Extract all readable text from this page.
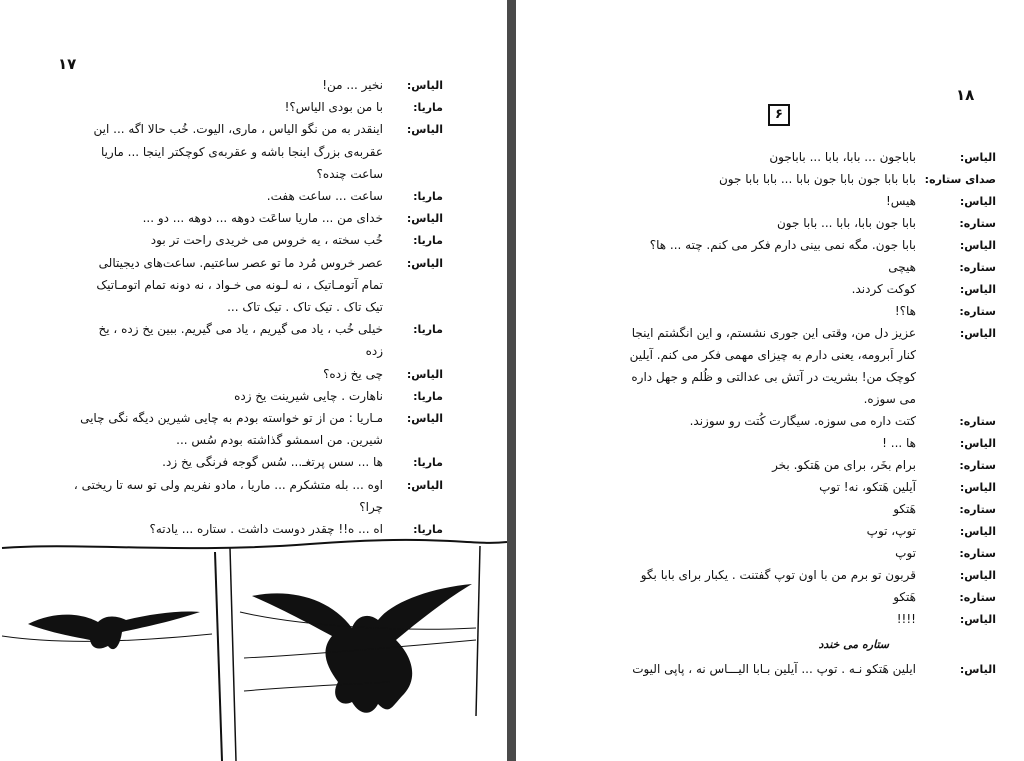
١٧
الیاس:
نخیر ... من!
ماریا:
با من بودی الیاس؟!
الیاس:
اینقدر به من نگو الیاس ، ماری، الیوت. خُب حالا اگه ... این
عقربه‌ی بزرگ اینجا باشه و عقربه‌ی کوچکتر اینجا ... ماریا
ساعت چنده؟
ماریا:
ساعت ... ساعت هفت.
الیاس:
خدای من ... ماریا ساعَت دوهه ... دوهه ... دو ...
ماریا:
خُب سخته ، یه خروس می خریدی راحت تر بود
الیاس:
عصر خروس مُرد ما تو عصر ساعتیم. ساعت‌های دیجیتالی
تمام آتومـاتیک ، نه لـونه می خـواد ، نه دونه تمام اتومـاتیک
تیک تاک . تیک تاک . تیک تاک ...
ماریا:
خیلی خُب ، یاد می گیریم ، یاد می گیریم. ببین یخ زده ، یخ
زده
الیاس:
چی یخ زده؟
ماریا:
ناهارت . چایی شیرینت یخ زده
الیاس:
مـاریا : من از تو خواسته بودم به چایی شیرین دیگه نگی چایی
شیرین. من اسمشو گذاشته بودم سُس ...
ماریا:
ها ... سس پرتغـ... سُس گوجه فرنگی یخ زد.
الیاس:
اوه ... بله متشکرم ... ماریا ، مادو نفریم ولی تو سه تا ریختی ،
چرا؟
ماریا:
اه ... ه!! چقدر دوست داشت . ستاره ... یادته؟
١٨
۶
الیاس:
باباجون ... بابا، بابا ... باباجون
صدای ستاره:
بابا بابا جون بابا جون بابا ... بابا بابا جون
الیاس:
هیس!
ستاره:
بابا جون بابا، بابا ... بابا جون
الیاس:
بابا جون. مگه نمی بینی دارم فکر می کنم. چته ... ها؟
ستاره:
هیچی
الیاس:
کوکت کردند.
ستاره:
ها؟!
الیاس:
عزیز دل من، وقتی این جوری نشستم، و این انگشتم اینجا
کنار اَبرومه، یعنی دارم به چیزای مهمی فکر می کنم. آیلین
کوچک من! بشریت در آتش بی عدالتی و ظُلم و جهل داره
می سوزه.
ستاره:
کتت داره می سوزه. سیگارت کُتت رو سوزند.
الیاس:
ها ... !
ستاره:
برام بخَر، برای من هَتکو. بخر
الیاس:
آیلین هَتکو، نه! توپ
ستاره:
هَتکو
الیاس:
توپ، توپ
ستاره:
توپ
الیاس:
قربون تو برم من با اون توپ گفتنت . یکبار برای بابا بگو
ستاره:
هَتکو
الیاس:
!!!!
ستاره می خندد
الیاس:
ایلین هَتکو نـه . توپ ... آیلین بـابا الیـــاس نه ، پاپی الیوت
